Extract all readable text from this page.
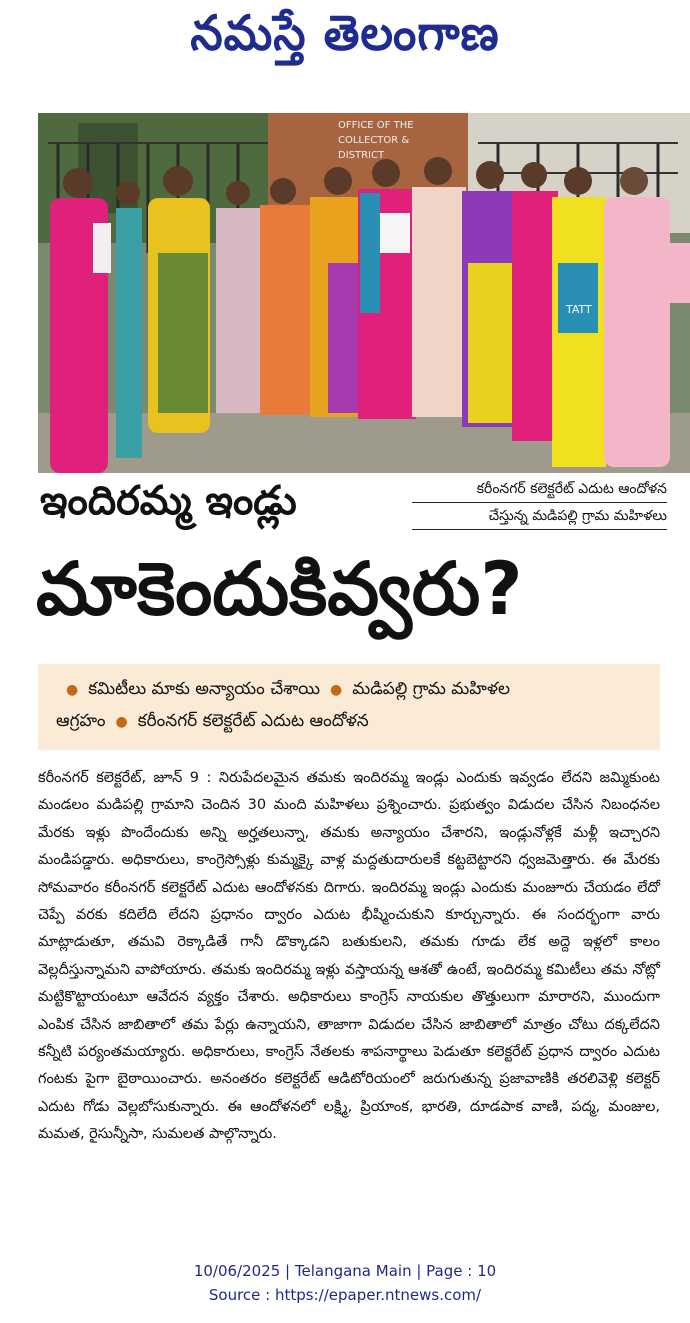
నమస్తే తెలంగాణ
OFFICE OF THE
COLLECTOR &
DISTRICT
TATT
కరీంనగర్ కలెక్టరేట్ ఎదుట ఆందోళన
చేస్తున్న మడిపల్లి గ్రామ మహిళలు
ఇందిరమ్మ ఇండ్లు
మాకెందుకివ్వరు?
● కమిటీలు మాకు అన్యాయం చేశాయి ● మడిపల్లి గ్రామ మహిళల
ఆగ్రహం ● కరీంనగర్ కలెక్టరేట్ ఎదుట ఆందోళన

కరీంనగర్ కలెక్టరేట్, జూన్ 9 : నిరుపేదలమైన తమకు ఇందిరమ్మ ఇండ్లు ఎందుకు ఇవ్వడం లేదని జమ్మికుంట మండలం మడిపల్లి గ్రామాని చెందిన 30 మంది మహిళలు ప్రశ్నించారు. ప్రభుత్వం విడుదల చేసిన నిబంధనల మేరకు ఇళ్లు పొందేందుకు అన్ని అర్హతలున్నా, తమకు అన్యాయం చేశారని, ఇండ్లునోళ్లకే మళ్లీ ఇచ్చారని మండిపడ్డారు. అధికారులు, కాంగ్రెస్సోళ్లు కుమ్మక్కై వాళ్ల మద్దతుదారులకే కట్టబెట్టారని ధ్వజమెత్తారు. ఈ మేరకు సోమవారం కరీంనగర్ కలెక్టరేట్ ఎదుట ఆందోళనకు దిగారు. ఇందిరమ్మ ఇండ్లు ఎందుకు మంజూరు చేయడం లేదో చెప్పే వరకు కదిలేది లేదని ప్రధానం ద్వారం ఎదుట భీష్మించుకుని కూర్చున్నారు. ఈ సందర్భంగా వారు మాట్లాడుతూ, తమవి రెక్కాడితే గానీ డొక్కాడని బతుకులని, తమకు గూడు లేక అద్దె ఇళ్లలో కాలం వెల్లదీస్తున్నామని వాపోయారు. తమకు ఇందిరమ్మ ఇళ్లు వస్తాయన్న ఆశతో ఉంటే, ఇందిరమ్మ కమిటీలు తమ నోట్లో మట్టికొట్టాయంటూ ఆవేదన వ్యక్తం చేశారు. అధికారులు కాంగ్రెస్ నాయకుల తొత్తులుగా మారారని, ముందుగా ఎంపిక చేసిన జాబితాలో తమ పేర్లు ఉన్నాయని, తాజాగా విడుదల చేసిన జాబితాలో మాత్రం చోటు దక్కలేదని కన్నీటి పర్యంతమయ్యారు. అధికారులు, కాంగ్రెస్ నేతలకు శాపనార్థాలు పెడుతూ కలెక్టరేట్ ప్రధాన ద్వారం ఎదుట గంటకు పైగా బైఠాయించారు. అనంతరం కలెక్టరేట్ ఆడిటోరియంలో జరుగుతున్న ప్రజావాణికి తరలివెళ్లి కలెక్టర్ ఎదుట గోడు వెల్లబోసుకున్నారు. ఈ ఆందోళనలో లక్ష్మి, ప్రియాంక, భారతి, దూడపాక వాణి, పద్మ, మంజుల, మమత, రైసున్నీసా, సుమలత పాల్గొన్నారు.

10/06/2025 | Telangana Main | Page : 10
Source : https://epaper.ntnews.com/
